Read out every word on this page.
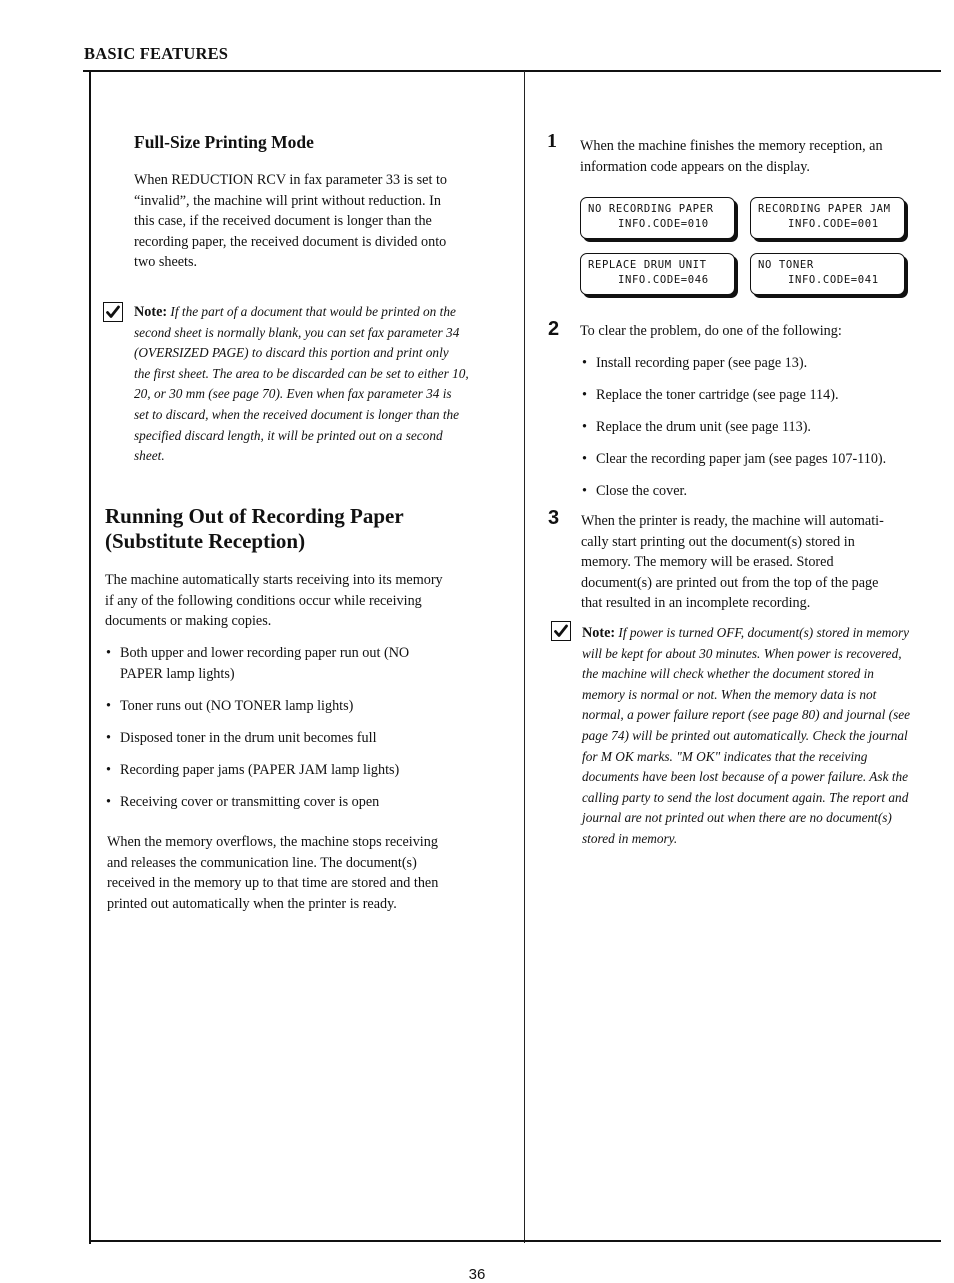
BASIC FEATURES
Full-Size Printing Mode
When REDUCTION RCV in fax parameter 33 is set to
“invalid”, the machine will print without reduction. In
this case, if the received document is longer than the
recording paper, the received document is divided onto
two sheets.
Note: If the part of a document that would be printed on the
second sheet is normally blank, you can set fax parameter 34
(OVERSIZED PAGE) to discard this portion and print only
the first sheet. The area to be discarded can be set to either 10,
20, or 30 mm (see page 70). Even when fax parameter 34 is
set to discard, when the received document is longer than the
specified discard length, it will be printed out on a second
sheet.
Running Out of Recording Paper
(Substitute Reception)
The machine automatically starts receiving into its memory
if any of the following conditions occur while receiving
documents or making copies.
• Both upper and lower recording paper run out (NO
PAPER lamp lights)
• Toner runs out (NO TONER lamp lights)
• Disposed toner in the drum unit becomes full
• Recording paper jams (PAPER JAM lamp lights)
• Receiving cover or transmitting cover is open
When the memory overflows, the machine stops receiving
and releases the communication line. The document(s)
received in the memory up to that time are stored and then
printed out automatically when the printer is ready.
1 When the machine finishes the memory reception, an
information code appears on the display.
NO RECORDING PAPER
INFO.CODE=010
RECORDING PAPER JAM
INFO.CODE=001
REPLACE DRUM UNIT
INFO.CODE=046
NO TONER
INFO.CODE=041
2 To clear the problem, do one of the following:
• Install recording paper (see page 13).
• Replace the toner cartridge (see page 114).
• Replace the drum unit (see page 113).
• Clear the recording paper jam (see pages 107-110).
• Close the cover.
3 When the printer is ready, the machine will automati-
cally start printing out the document(s) stored in
memory. The memory will be erased. Stored
document(s) are printed out from the top of the page
that resulted in an incomplete recording.
Note: If power is turned OFF, document(s) stored in memory
will be kept for about 30 minutes. When power is recovered,
the machine will check whether the document stored in
memory is normal or not. When the memory data is not
normal, a power failure report (see page 80) and journal (see
page 74) will be printed out automatically. Check the journal
for M OK marks. "M OK" indicates that the receiving
documents have been lost because of a power failure. Ask the
calling party to send the lost document again. The report and
journal are not printed out when there are no document(s)
stored in memory.
36
